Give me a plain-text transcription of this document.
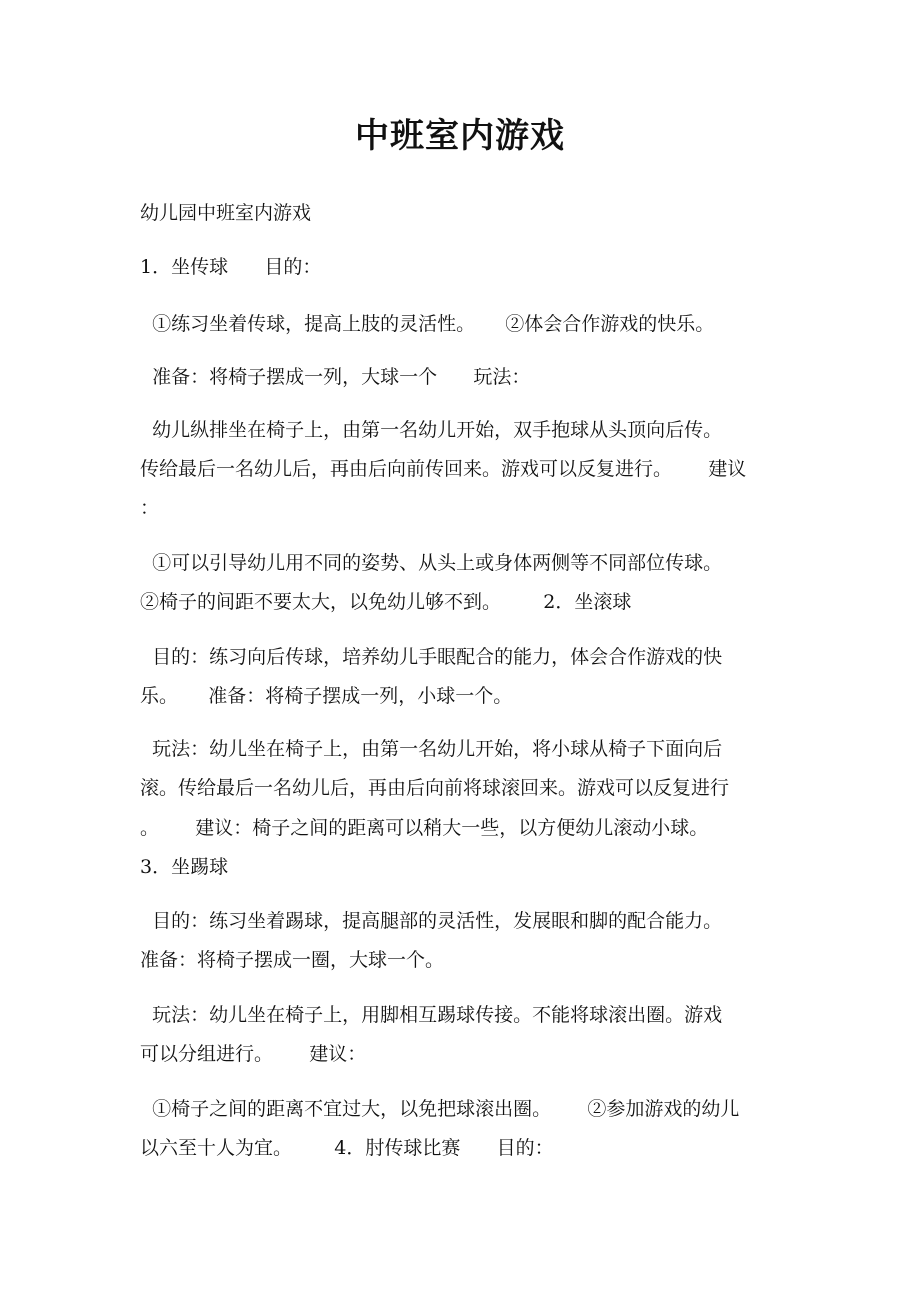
中班室内游戏
幼儿园中班室内游戏
1．坐传球      目的：
①练习坐着传球，提高上肢的灵活性。     ②体会合作游戏的快乐。
准备：将椅子摆成一列，大球一个      玩法：
幼儿纵排坐在椅子上，由第一名幼儿开始，双手抱球从头顶向后传。
传给最后一名幼儿后，再由后向前传回来。游戏可以反复进行。      建议
：
①可以引导幼儿用不同的姿势、从头上或身体两侧等不同部位传球。
②椅子的间距不要太大，以免幼儿够不到。       2．坐滚球
目的：练习向后传球，培养幼儿手眼配合的能力，体会合作游戏的快
乐。     准备：将椅子摆成一列，小球一个。
玩法：幼儿坐在椅子上，由第一名幼儿开始，将小球从椅子下面向后
滚。传给最后一名幼儿后，再由后向前将球滚回来。游戏可以反复进行
。      建议：椅子之间的距离可以稍大一些，以方便幼儿滚动小球。
3．坐踢球
目的：练习坐着踢球，提高腿部的灵活性，发展眼和脚的配合能力。
准备：将椅子摆成一圈，大球一个。
玩法：幼儿坐在椅子上，用脚相互踢球传接。不能将球滚出圈。游戏
可以分组进行。      建议：
①椅子之间的距离不宜过大，以免把球滚出圈。      ②参加游戏的幼儿
以六至十人为宜。       4．肘传球比赛      目的：
